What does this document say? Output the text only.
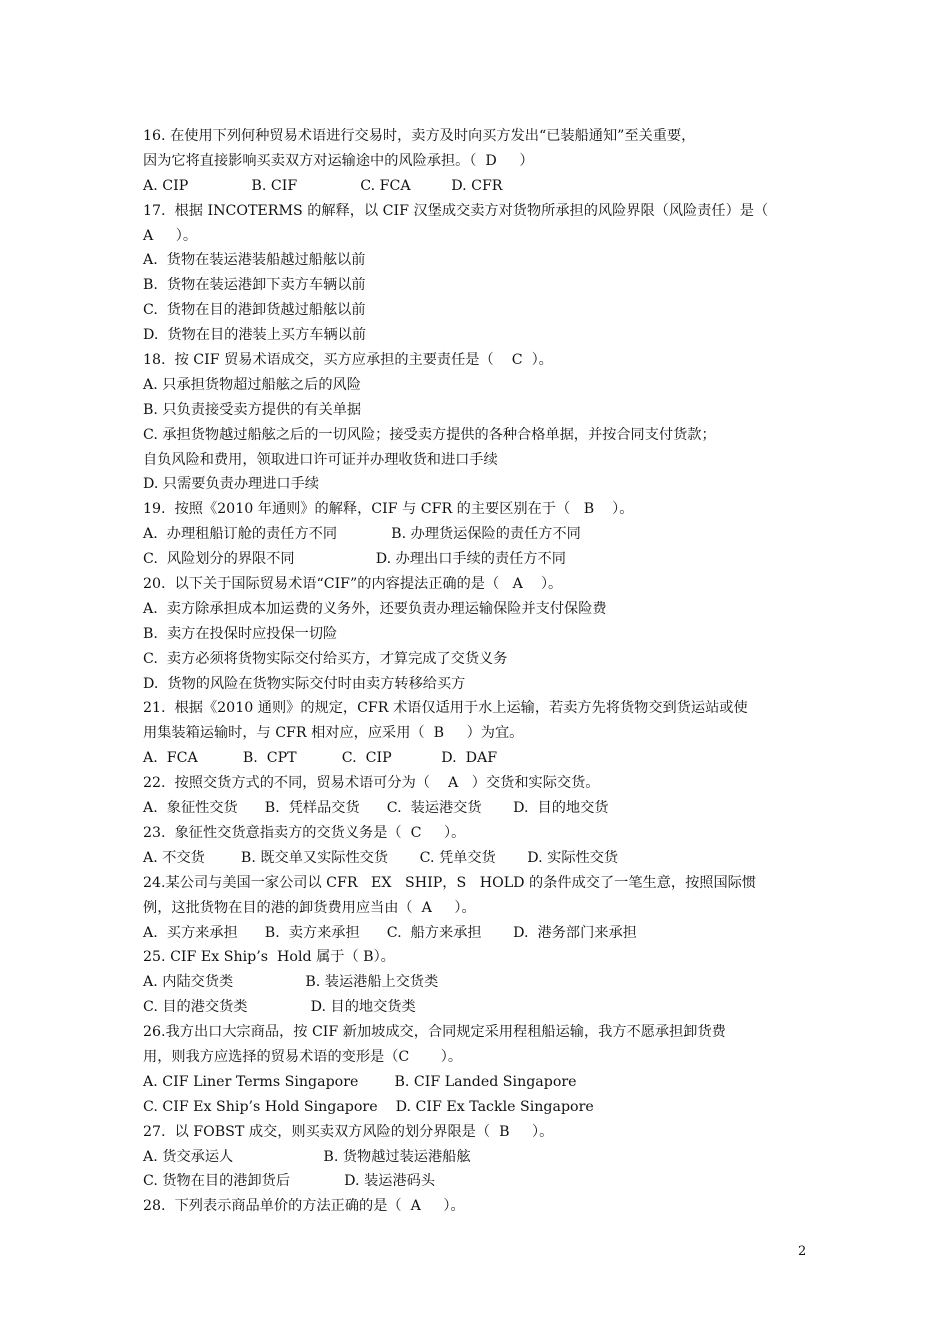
16. 在使用下列何种贸易术语进行交易时，卖方及时向买方发出“已装船通知”至关重要，
因为它将直接影响买卖双方对运输途中的风险承担。（  D     ）
A. CIP              B. CIF              C. FCA         D. CFR
17.  根据 INCOTERMS 的解释，以 CIF 汉堡成交卖方对货物所承担的风险界限（风险责任）是（
A     ）。
A.  货物在装运港装船越过船舷以前
B.  货物在装运港卸下卖方车辆以前
C.  货物在目的港卸货越过船舷以前
D.  货物在目的港装上买方车辆以前
18.  按 CIF 贸易术语成交，买方应承担的主要责任是（    C  ）。
A. 只承担货物超过船舷之后的风险
B. 只负责接受卖方提供的有关单据
C. 承担货物越过船舷之后的一切风险；接受卖方提供的各种合格单据，并按合同支付货款；
自负风险和费用，领取进口许可证并办理收货和进口手续
D. 只需要负责办理进口手续
19.  按照《2010 年通则》的解释，CIF 与 CFR 的主要区别在于（   B    ）。
A.  办理租船订舱的责任方不同            B. 办理货运保险的责任方不同
C.  风险划分的界限不同                  D. 办理出口手续的责任方不同
20.  以下关于国际贸易术语“CIF”的内容提法正确的是（   A    ）。
A.  卖方除承担成本加运费的义务外，还要负责办理运输保险并支付保险费
B.  卖方在投保时应投保一切险
C.  卖方必须将货物实际交付给买方，才算完成了交货义务
D.  货物的风险在货物实际交付时由卖方转移给买方
21.  根据《2010 通则》的规定，CFR 术语仅适用于水上运输，若卖方先将货物交到货运站或使
用集装箱运输时，与 CFR 相对应，应采用（  B     ）为宜。
A.  FCA          B.  CPT          C.  CIP           D.  DAF
22.  按照交货方式的不同，贸易术语可分为（    A   ）交货和实际交货。
A.  象征性交货      B.  凭样品交货      C.  装运港交货       D.  目的地交货
23.  象征性交货意指卖方的交货义务是（  C     ）。
A. 不交货        B. 既交单又实际性交货       C. 凭单交货       D. 实际性交货
24.某公司与美国一家公司以 CFR   EX   SHIP，S   HOLD 的条件成交了一笔生意，按照国际惯
例，这批货物在目的港的卸货费用应当由（  A     ）。
A.  买方来承担      B.  卖方来承担      C.  船方来承担       D.  港务部门来承担
25. CIF Ex Ship’s  Hold 属于（ B）。
A. 内陆交货类                B. 装运港船上交货类
C. 目的港交货类              D. 目的地交货类
26.我方出口大宗商品，按 CIF 新加坡成交，合同规定采用程租船运输，我方不愿承担卸货费
用，则我方应选择的贸易术语的变形是（C       ）。
A. CIF Liner Terms Singapore        B. CIF Landed Singapore
C. CIF Ex Ship’s Hold Singapore    D. CIF Ex Tackle Singapore
27.  以 FOBST 成交，则买卖双方风险的划分界限是（  B     ）。
A. 货交承运人                    B. 货物越过装运港船舷
C. 货物在目的港卸货后            D. 装运港码头
28.  下列表示商品单价的方法正确的是（  A     ）。
2
